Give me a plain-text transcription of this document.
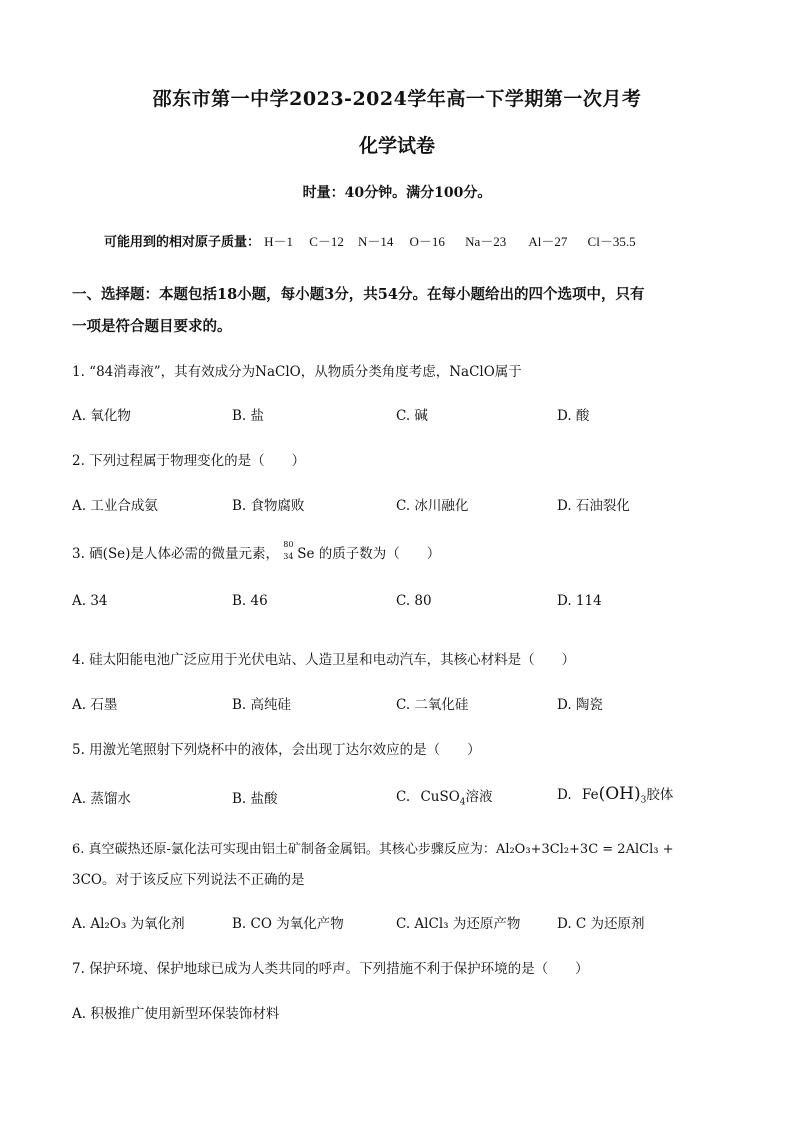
邵东市第一中学2023-2024学年高一下学期第一次月考
化学试卷
时量：40分钟。满分100分。
可能用到的相对原子质量： H－1 C－12 N－14 O－16 Na－23 Al－27 Cl－35.5
一、选择题：本题包括18小题，每小题3分，共54分。在每小题给出的四个选项中，只有
一项是符合题目要求的。
1. “84消毒液”，其有效成分为NaClO，从物质分类角度考虑，NaClO属于
A. 氧化物	B. 盐	C. 碱	D. 酸
2. 下列过程属于物理变化的是（　　）
A. 工业合成氨	B. 食物腐败	C. 冰川融化	D. 石油裂化
3. 硒(Se)是人体必需的微量元素，
80
34 Se 的质子数为（　　）
A. 34	B. 46	C. 80	D. 114
4. 硅太阳能电池广泛应用于光伏电站、人造卫星和电动汽车，其核心材料是（　　）
A. 石墨	B. 高纯硅	C. 二氧化硅	D. 陶瓷
5. 用激光笔照射下列烧杯中的液体，会出现丁达尔效应的是（　　）
A. 蒸馏水	B. 盐酸	C. CuSO$_4$溶液	D. $Fe(OH)_3$胶体
6. 真空碳热还原-氯化法可实现由铝土矿制备金属铝。其核心步骤反应为：Al₂O₃+3Cl₂+3C = 2AlCl₃ +
3CO。对于该反应下列说法不正确的是
A. Al₂O₃ 为氧化剂	B. CO 为氧化产物	C. AlCl₃ 为还原产物	D. C 为还原剂
7. 保护环境、保护地球已成为人类共同的呼声。下列措施不利于保护环境的是（　　）
A. 积极推广使用新型环保装饰材料
